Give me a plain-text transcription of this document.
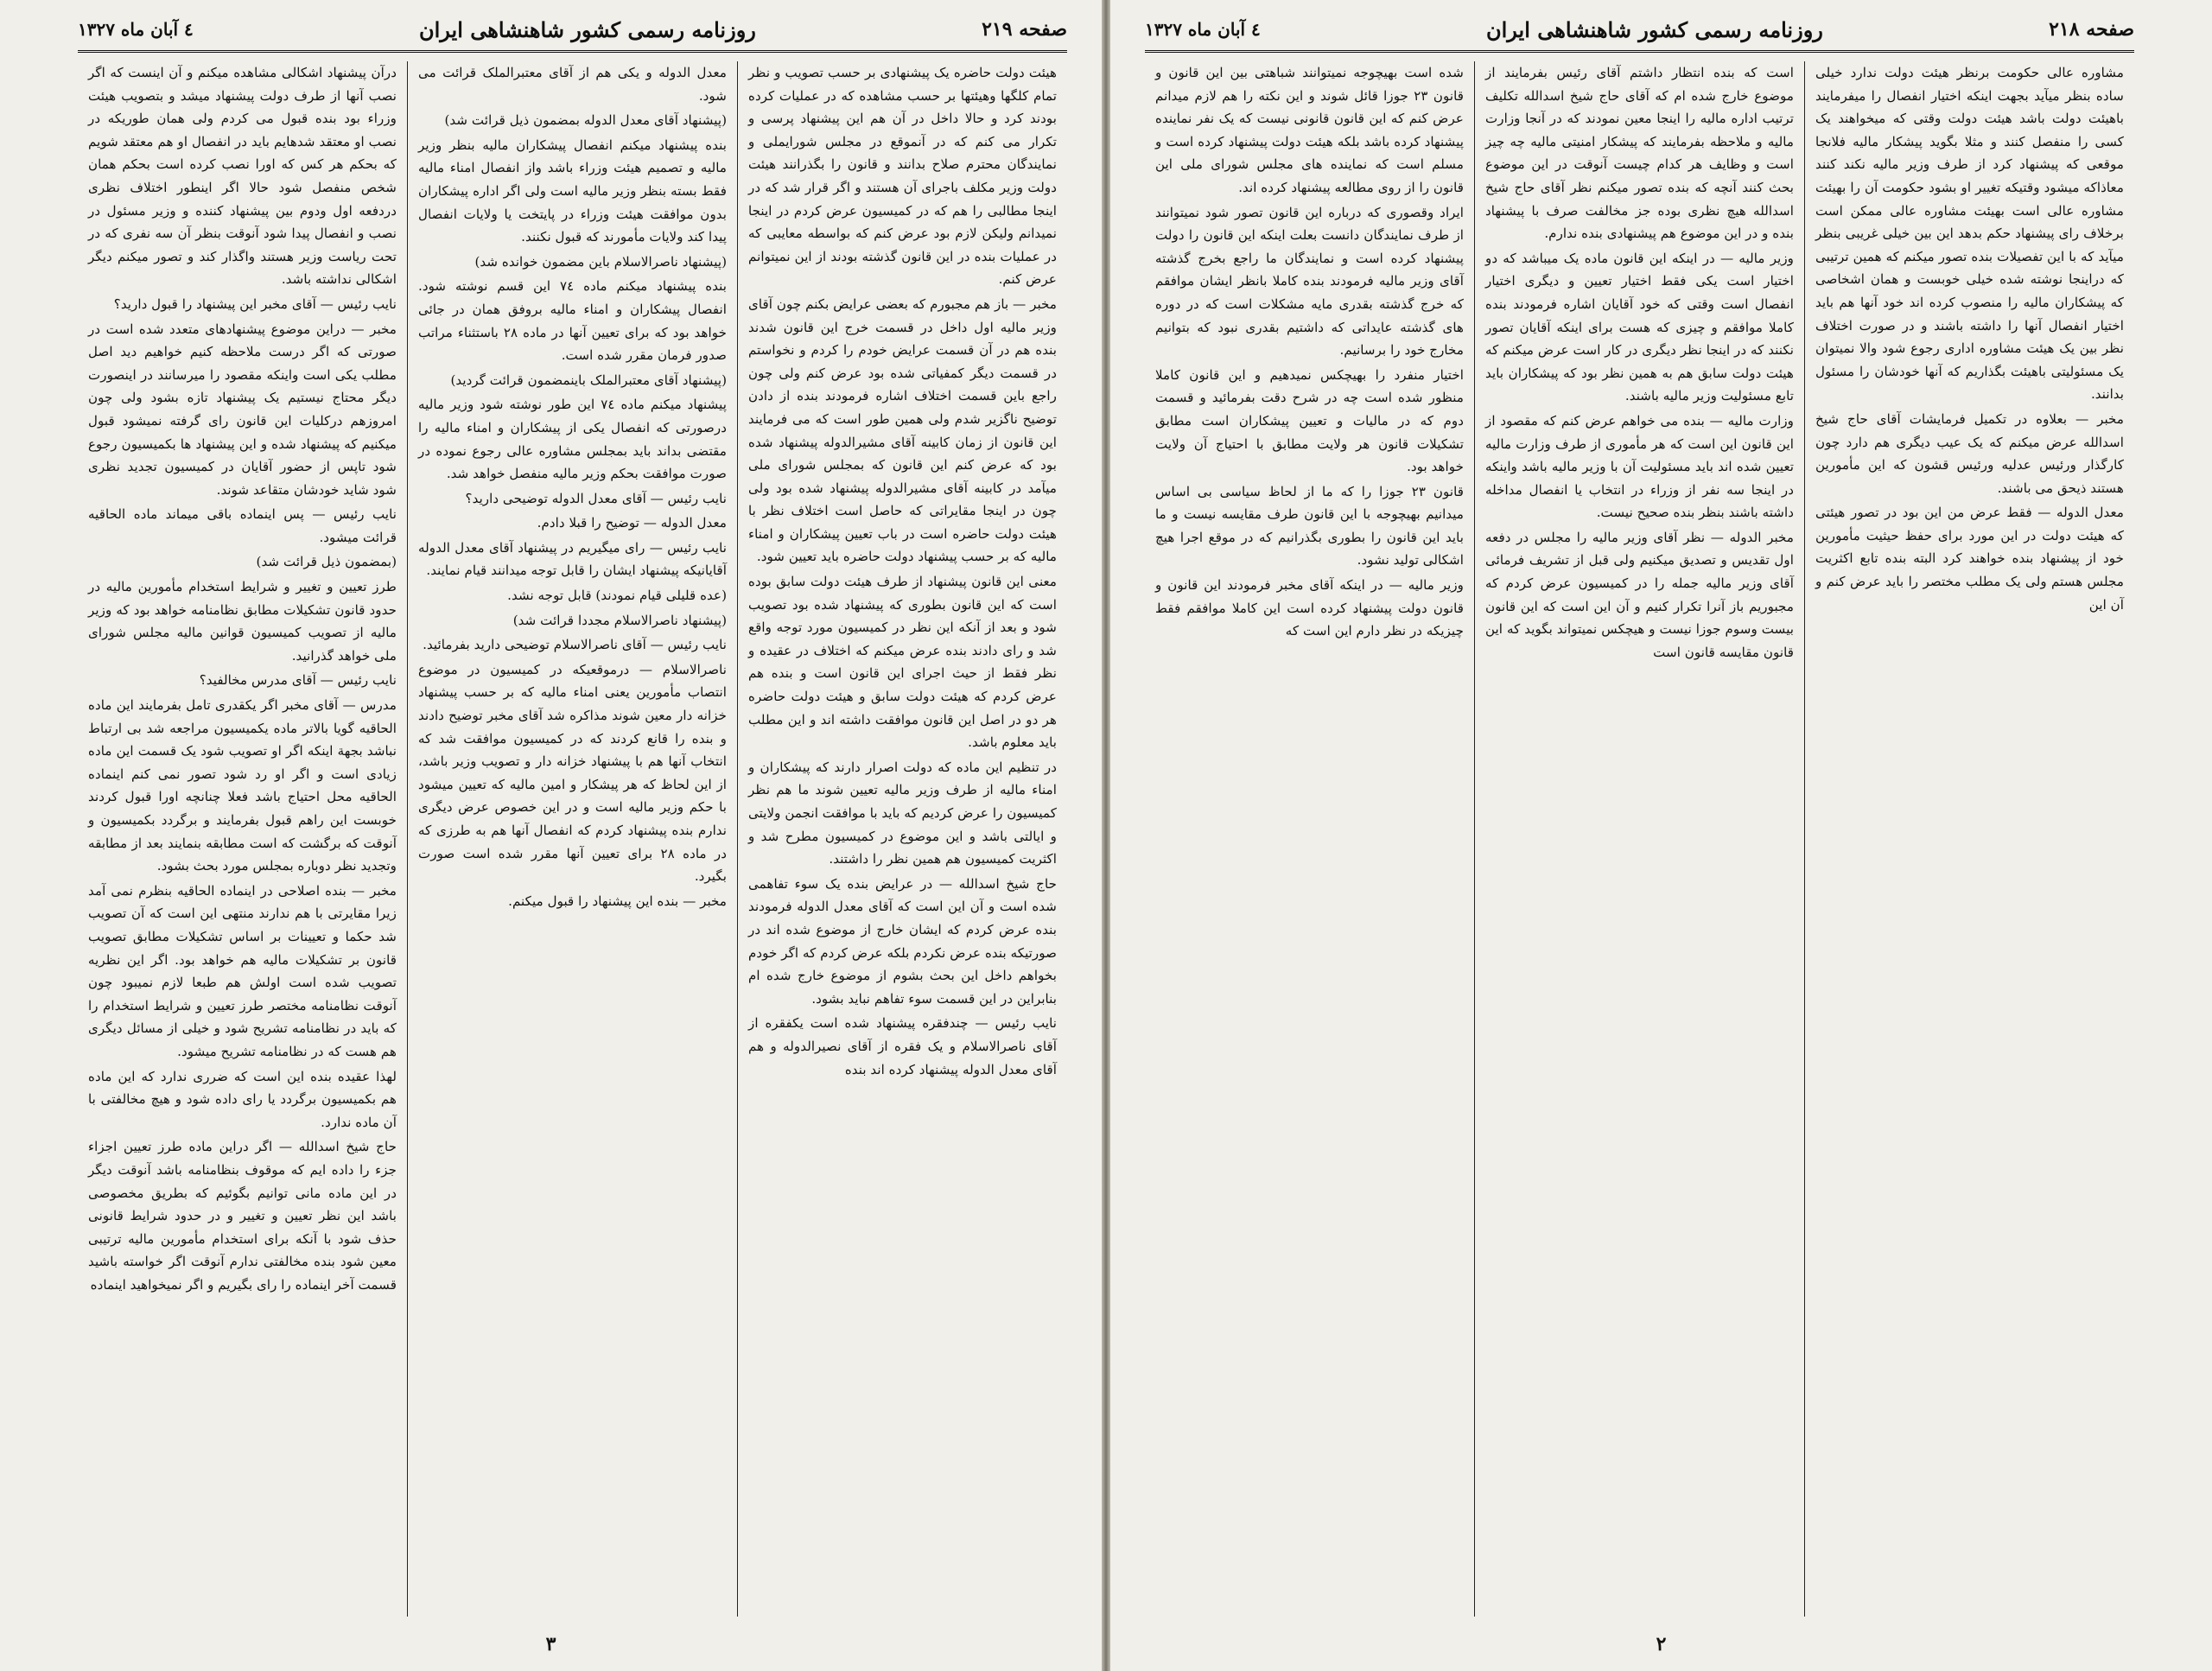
صفحه ۲۱۹
روزنامه رسمی کشور شاهنشاهی ایران
٤ آبان ماه ١٣٢٧

هیئت دولت حاضره یک پیشنهادی بر حسب تصویب و نظر تمام کلگها وهیئتها بر حسب مشاهده که در عملیات کرده بودند کرد و حالا داخل در آن هم این پیشنهاد پرسی و تکرار می کنم که در آنموقع در مجلس شورایملی و نمایندگان محترم صلاح بدانند و قانون را بگذرانند هیئت دولت وزیر مکلف باجرای آن هستند و اگر قرار شد که در اینجا مطالبی را هم که در کمیسیون عرض کردم در اینجا نمیدانم ولیکن لازم بود عرض کنم که بواسطه معایبی که در عملیات بنده در این قانون گذشته بودند از این نمیتوانم عرض کنم.

مخبر — باز هم مجبورم که بعضی عرایض بکنم چون آقای وزیر مالیه اول داخل در قسمت خرج این قانون شدند بنده هم در آن قسمت عرایض خودم را کردم و نخواستم در قسمت دیگر کمفیاتی شده بود عرض کنم ولی چون راجع باین قسمت اختلاف اشاره فرمودند بنده از دادن توضیح ناگزیر شدم ولی همین طور است که می فرمایند این قانون از زمان کابینه آقای مشیرالدوله پیشنهاد شده بود که عرض کنم این قانون که بمجلس شورای ملی میآمد در کابینه آقای مشیرالدوله پیشنهاد شده بود ولی چون در اینجا مقایراتی که حاصل است اختلاف نظر با هیئت دولت حاضره است در باب تعیین پیشکاران و امناء مالیه که بر حسب پیشنهاد دولت حاضره باید تعیین شود.

معنی این قانون پیشنهاد از طرف هیئت دولت سابق بوده است که این قانون بطوری که پیشنهاد شده بود تصویب شود و بعد از آنکه این نظر در کمیسیون مورد توجه واقع شد و رای دادند بنده عرض میکنم که اختلاف در عقیده و نظر فقط از حیث اجرای این قانون است و بنده هم عرض کردم که هیئت دولت سابق و هیئت دولت حاضره هر دو در اصل این قانون موافقت داشته اند و این مطلب باید معلوم باشد.

در تنظیم این ماده که دولت اصرار دارند که پیشکاران و امناء مالیه از طرف وزیر مالیه تعیین شوند ما هم نظر کمیسیون را عرض کردیم که باید با موافقت انجمن ولایتی و ایالتی باشد و این موضوع در کمیسیون مطرح شد و اکثریت کمیسیون هم همین نظر را داشتند.

حاج شیخ اسدالله — در عرایض بنده یک سوء تفاهمی شده است و آن این است که آقای معدل الدوله فرمودند بنده عرض کردم که ایشان خارج از موضوع شده اند در صورتیکه بنده عرض نکردم بلکه عرض کردم که اگر خودم بخواهم داخل این بحث بشوم از موضوع خارج شده ام بنابراین در این قسمت سوء تفاهم نباید بشود.

نایب رئیس — چندفقره پیشنهاد شده است یکفقره از آقای ناصرالاسلام و یک فقره از آقای نصیرالدوله و هم آقای معدل الدوله پیشنهاد کرده اند بنده

معدل الدوله و یکی هم از آقای معتبرالملک قرائت می شود.

(پیشنهاد آقای معدل الدوله بمضمون ذیل قرائت شد)

بنده پیشنهاد میکنم انفصال پیشکاران مالیه بنظر وزیر مالیه و تصمیم هیئت وزراء باشد واز انفصال امناء مالیه فقط بسته بنظر وزیر مالیه است ولی اگر اداره پیشکاران بدون موافقت هیئت وزراء در پایتخت یا ولایات انفصال پیدا کند ولایات مأمورند که قبول نکنند.

(پیشنهاد ناصرالاسلام باین مضمون خوانده شد)

بنده پیشنهاد میکنم ماده ۷٤ این قسم نوشته شود. انفصال پیشکاران و امناء مالیه بروفق همان در جائی خواهد بود که برای تعیین آنها در ماده ۲۸ باستثناء مراتب صدور فرمان مقرر شده است.

(پیشنهاد آقای معتبرالملک باینمضمون قرائت گردید)

پیشنهاد میکنم ماده ۷٤ این طور نوشته شود وزیر مالیه درصورتی که انفصال یکی از پیشکاران و امناء مالیه را مقتضی بداند باید بمجلس مشاوره عالی رجوع نموده در صورت موافقت بحکم وزیر مالیه منفصل خواهد شد.

نایب رئیس — آقای معدل الدوله توضیحی دارید؟

معدل الدوله — توضیح را قبلا دادم.

نایب رئیس — رای میگیریم در پیشنهاد آقای معدل الدوله آقایانیکه پیشنهاد ایشان را قابل توجه میدانند قیام نمایند.

(عده قلیلی قیام نمودند) قابل توجه نشد.

(پیشنهاد ناصرالاسلام مجددا قرائت شد)

نایب رئیس — آقای ناصرالاسلام توضیحی دارید بفرمائید.

ناصرالاسلام — درموقعیکه در کمیسیون در موضوع انتصاب مأمورین یعنی امناء مالیه که بر حسب پیشنهاد خزانه دار معین شوند مذاکره شد آقای مخبر توضیح دادند و بنده را قانع کردند که در کمیسیون موافقت شد که انتخاب آنها هم با پیشنهاد خزانه دار و تصویب وزیر باشد، از این لحاظ که هر پیشکار و امین مالیه که تعیین میشود با حکم وزیر مالیه است و در این خصوص عرض دیگری ندارم بنده پیشنهاد کردم که انفصال آنها هم به طرزی که در ماده ۲۸ برای تعیین آنها مقرر شده است صورت بگیرد.

مخبر — بنده این پیشنهاد را قبول میکنم.

درآن پیشنهاد اشکالی مشاهده میکنم و آن اینست که اگر نصب آنها از طرف دولت پیشنهاد میشد و بتصویب هیئت وزراء بود بنده قبول می کردم ولی همان طوریکه در نصب او معتقد شدهایم باید در انفصال او هم معتقد شویم که بحکم هر کس که اورا نصب کرده است بحکم همان شخص منفصل شود حالا اگر اینطور اختلاف نظری دردفعه اول ودوم بین پیشنهاد کننده و وزیر مسئول در نصب و انفصال پیدا شود آنوقت بنظر آن سه نفری که در تحت ریاست وزیر هستند واگذار کند و تصور میکنم دیگر اشکالی نداشته باشد.

نایب رئیس — آقای مخبر این پیشنهاد را قبول دارید؟

مخبر — دراین موضوع پیشنهادهای متعدد شده است در صورتی که اگر درست ملاحظه کنیم خواهیم دید اصل مطلب یکی است واینکه مقصود را میرسانند در اینصورت دیگر محتاج نیستیم یک پیشنهاد تازه بشود ولی چون امروزهم درکلیات این قانون رای گرفته نمیشود قبول میکنیم که پیشنهاد شده و این پیشنهاد ها بکمیسیون رجوع شود تاپس از حضور آقایان در کمیسیون تجدید نظری شود شاید خودشان متقاعد شوند.

نایب رئیس — پس اینماده باقی میماند ماده الحاقیه قرائت میشود.

(بمضمون ذیل قرائت شد)

طرز تعیین و تغییر و شرایط استخدام مأمورین مالیه در حدود قانون تشکیلات مطابق نظامنامه خواهد بود که وزیر مالیه از تصویب کمیسیون قوانین مالیه مجلس شورای ملی خواهد گذرانید.

نایب رئیس — آقای مدرس مخالفید؟

مدرس — آقای مخبر اگر یکقدری تامل بفرمایند این ماده الحاقیه گویا بالاتر ماده یکمیسیون مراجعه شد بی ارتباط نباشد بجهة اینکه اگر او تصویب شود یک قسمت این ماده زیادی است و اگر او رد شود تصور نمی کنم اینماده الحاقیه محل احتیاج باشد فعلا چنانچه اورا قبول کردند خوبست این راهم قبول بفرمایند و برگردد بکمیسیون و آنوقت که برگشت که است مطابقه بنمایند بعد از مطابقه وتجدید نظر دوباره بمجلس مورد بحث بشود.

مخبر — بنده اصلاحی در اینماده الحاقیه بنظرم نمی آمد زیرا مقایرتی با هم ندارند منتهی این است که آن تصویب شد حکما و تعیینات بر اساس تشکیلات مطابق تصویب قانون بر تشکیلات مالیه هم خواهد بود. اگر این نظریه تصویب شده است اولش هم طبعا لازم نمیبود چون آنوقت نظامنامه مختصر طرز تعیین و شرایط استخدام را که باید در نظامنامه تشریح شود و خیلی از مسائل دیگری هم هست که در نظامنامه تشریح میشود.

لهذا عقیده بنده این است که ضرری ندارد که این ماده هم بکمیسیون برگردد یا رای داده شود و هیچ مخالفتی با آن ماده ندارد.

حاج شیخ اسدالله — اگر دراین ماده طرز تعیین اجزاء جزء را داده ایم که موقوف بنظامنامه باشد آنوقت دیگر در این ماده مانی توانیم بگوئیم که بطریق مخصوصی باشد این نظر تعیین و تغییر و در حدود شرایط قانونی حذف شود با آنکه برای استخدام مأمورین مالیه ترتیبی معین شود بنده مخالفتی ندارم آنوقت اگر خواسته باشید قسمت آخر اینماده را رای بگیریم و اگر نمیخواهید اینماده

۳
صفحه ۲۱۸
روزنامه رسمی کشور شاهنشاهی ایران
٤ آبان ماه ١٣٢٧

مشاوره عالی حکومت برنظر هیئت دولت ندارد خیلی ساده بنظر میآید بجهت اینکه اختیار انفصال را میفرمایند باهیئت دولت باشد هیئت دولت وقتی که میخواهند یک کسی را منفصل کنند و مثلا بگوید پیشکار مالیه فلانجا موقعی که پیشنهاد کرد از طرف وزیر مالیه نکند کنند معاذاکه میشود وقتیکه تغییر او بشود حکومت آن را بهیئت مشاوره عالی است بهیئت مشاوره عالی ممکن است برخلاف رای پیشنهاد حکم بدهد این بین خیلی غریبی بنظر میآید که با این تفصیلات بنده تصور میکنم که همین ترتیبی که دراینجا نوشته شده خیلی خوبست و همان اشخاصی که پیشکاران مالیه را منصوب کرده اند خود آنها هم باید اختیار انفصال آنها را داشته باشند و در صورت اختلاف نظر بین یک هیئت مشاوره اداری رجوع شود والا نمیتوان یک مسئولیتی باهیئت بگذاریم که آنها خودشان را مسئول بدانند.

مخبر — بعلاوه در تکمیل فرمایشات آقای حاج شیخ اسدالله عرض میکنم که یک عیب دیگری هم دارد چون کارگذار ورئیس عدلیه ورئیس قشون که این مأمورین هستند ذیحق می باشند.

معدل الدوله — فقط عرض من این بود در تصور هیئتی که هیئت دولت در این مورد برای حفظ حیثیت مأمورین خود از پیشنهاد بنده خواهند کرد البته بنده تابع اکثریت مجلس هستم ولی یک مطلب مختصر را باید عرض کنم و آن این

است که بنده انتظار داشتم آقای رئیس بفرمایند از موضوع خارج شده ام که آقای حاج شیخ اسدالله تکلیف ترتیب اداره مالیه را اینجا معین نمودند که در آنجا وزارت مالیه و ملاحظه بفرمایند که پیشکار امنیتی مالیه چه چیز است و وظایف هر کدام چیست آنوقت در این موضوع بحث کنند آنچه که بنده تصور میکنم نظر آقای حاج شیخ اسدالله هیچ نظری بوده جز مخالفت صرف با پیشنهاد بنده و در این موضوع هم پیشنهادی بنده ندارم.

وزیر مالیه — در اینکه این قانون ماده یک میباشد که دو اختیار است یکی فقط اختیار تعیین و دیگری اختیار انفصال است وقتی که خود آقایان اشاره فرمودند بنده کاملا موافقم و چیزی که هست برای اینکه آقایان تصور نکنند که در اینجا نظر دیگری در کار است عرض میکنم که هیئت دولت سابق هم به همین نظر بود که پیشکاران باید تابع مسئولیت وزیر مالیه باشند.

وزارت مالیه — بنده می خواهم عرض کنم که مقصود از این قانون این است که هر مأموری از طرف وزارت مالیه تعیین شده اند باید مسئولیت آن با وزیر مالیه باشد واینکه در اینجا سه نفر از وزراء در انتخاب یا انفصال مداخله داشته باشند بنظر بنده صحیح نیست.

مخبر الدوله — نظر آقای وزیر مالیه را مجلس در دفعه اول تقدیس و تصدیق میکنیم ولی قبل از تشریف فرمائی آقای وزیر مالیه جمله را در کمیسیون عرض کردم که مجبوریم باز آنرا تکرار کنیم و آن این است که این قانون بیست وسوم جوزا نیست و هیچکس نمیتواند بگوید که این قانون مقایسه قانون است

شده است بهیچوجه نمیتوانند شباهتی بین این قانون و قانون ۲۳ جوزا قائل شوند و این نکته را هم لازم میدانم عرض کنم که این قانون قانونی نیست که یک نفر نماینده پیشنهاد کرده باشد بلکه هیئت دولت پیشنهاد کرده است و مسلم است که نماینده های مجلس شورای ملی این قانون را از روی مطالعه پیشنهاد کرده اند.

ایراد وقصوری که درباره این قانون تصور شود نمیتوانند از طرف نمایندگان دانست بعلت اینکه این قانون را دولت پیشنهاد کرده است و نمایندگان ما راجع بخرج گذشته آقای وزیر مالیه فرمودند بنده کاملا بانظر ایشان موافقم که خرج گذشته بقدری مایه مشکلات است که در دوره های گذشته عایداتی که داشتیم بقدری نبود که بتوانیم مخارج خود را برسانیم.

اختیار منفرد را بهیچکس نمیدهیم و این قانون کاملا منظور شده است چه در شرح دقت بفرمائید و قسمت دوم که در مالیات و تعیین پیشکاران است مطابق تشکیلات قانون هر ولایت مطابق با احتیاج آن ولایت خواهد بود.

قانون ۲۳ جوزا را که ما از لحاظ سیاسی بی اساس میدانیم بهیچوجه با این قانون طرف مقایسه نیست و ما باید این قانون را بطوری بگذرانیم که در موقع اجرا هیچ اشکالی تولید نشود.

وزیر مالیه — در اینکه آقای مخبر فرمودند این قانون و قانون دولت پیشنهاد کرده است این کاملا موافقم فقط چیزیکه در نظر دارم این است که

۲
